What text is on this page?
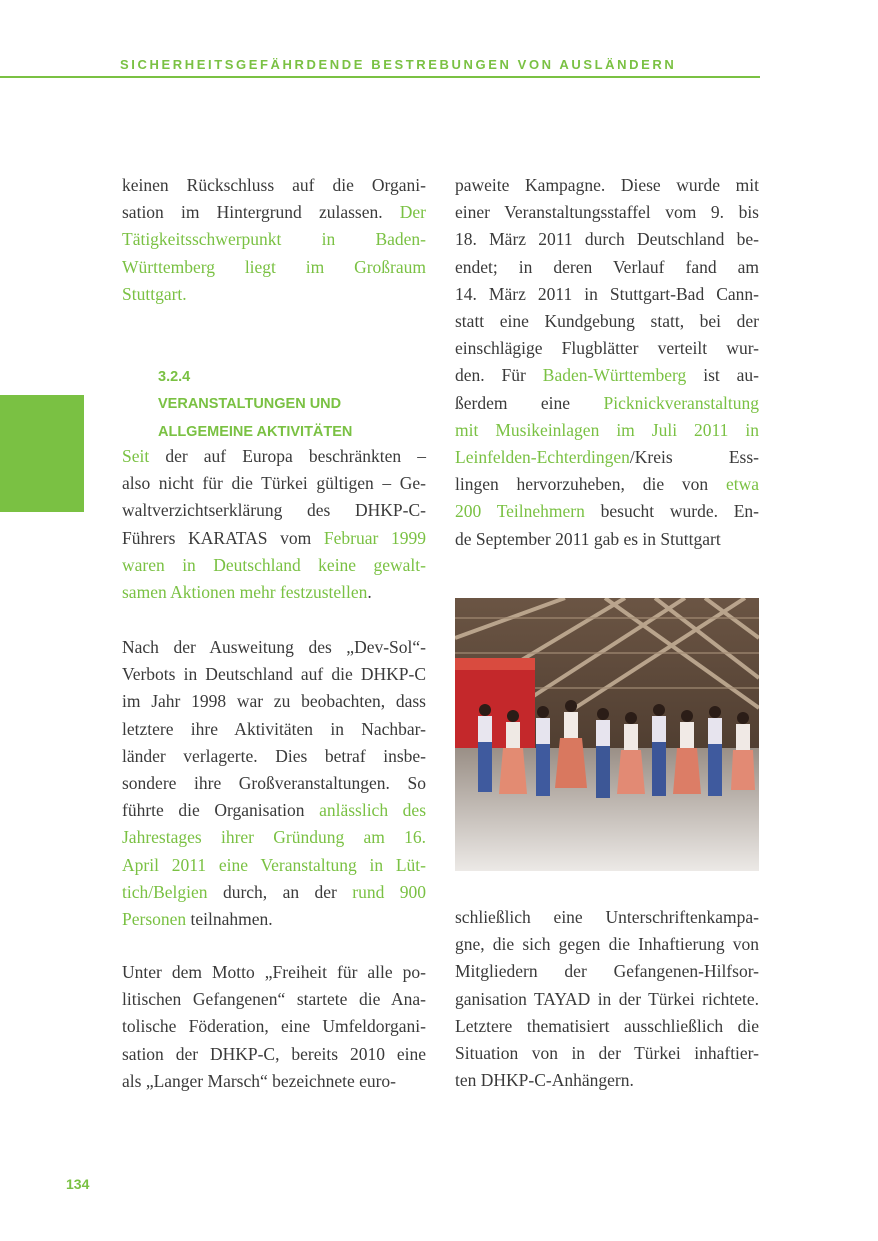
SICHERHEITSGEFÄHRDENDE BESTREBUNGEN VON AUSLÄNDERN
keinen Rückschluss auf die Organi-
sation im Hintergrund zulassen. Der
Tätigkeitsschwerpunkt in Baden-
Württemberg liegt im Großraum
Stuttgart.
3.2.4
VERANSTALTUNGEN UND
ALLGEMEINE AKTIVITÄTEN
Seit der auf Europa beschränkten –
also nicht für die Türkei gültigen – Ge-
waltverzichtserklärung des DHKP-C-
Führers KARATAS vom Februar 1999
waren in Deutschland keine gewalt-
samen Aktionen mehr festzustellen.
Nach der Ausweitung des „Dev-Sol“-
Verbots in Deutschland auf die DHKP-C
im Jahr 1998 war zu beobachten, dass
letztere ihre Aktivitäten in Nachbar-
länder verlagerte. Dies betraf insbe-
sondere ihre Großveranstaltungen. So
führte die Organisation anlässlich des
Jahrestages ihrer Gründung am 16.
April 2011 eine Veranstaltung in Lüt-
tich/Belgien durch, an der rund 900
Personen teilnahmen.
Unter dem Motto „Freiheit für alle po-
litischen Gefangenen“ startete die Ana-
tolische Föderation, eine Umfeldorgani-
sation der DHKP-C, bereits 2010 eine
als „Langer Marsch“ bezeichnete euro-
paweite Kampagne. Diese wurde mit
einer Veranstaltungsstaffel vom 9. bis
18. März 2011 durch Deutschland be-
endet; in deren Verlauf fand am
14. März 2011 in Stuttgart-Bad Cann-
statt eine Kundgebung statt, bei der
einschlägige Flugblätter verteilt wur-
den. Für Baden-Württemberg ist au-
ßerdem eine Picknickveranstaltung
mit Musikeinlagen im Juli 2011 in
Leinfelden-Echterdingen/Kreis Ess-
lingen hervorzuheben, die von etwa
200 Teilnehmern besucht wurde. En-
de September 2011 gab es in Stuttgart
schließlich eine Unterschriftenkampa-
gne, die sich gegen die Inhaftierung von
Mitgliedern der Gefangenen-Hilfsor-
ganisation TAYAD in der Türkei richtete.
Letztere thematisiert ausschließlich die
Situation von in der Türkei inhaftier-
ten DHKP-C-Anhängern.
134
